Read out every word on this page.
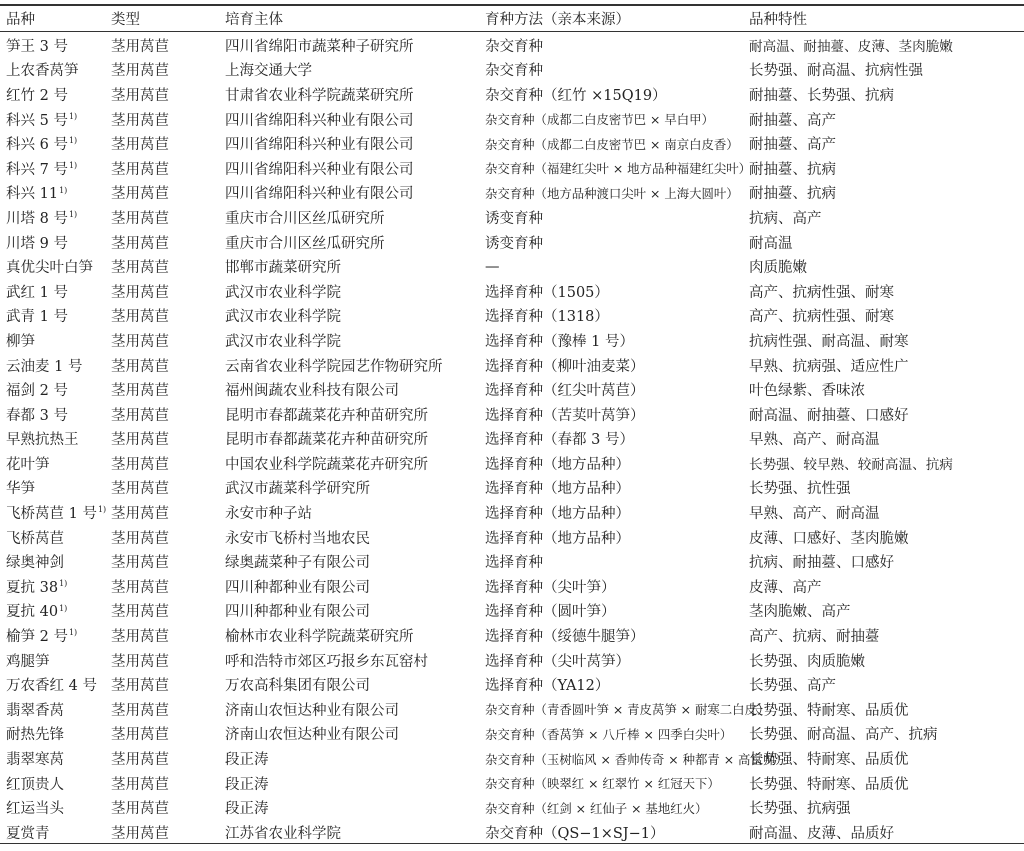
品种	类型	培育主体	育种方法（亲本来源）	品种特性
笋王 3 号	茎用莴苣	四川省绵阳市蔬菜种子研究所	杂交育种	耐高温、耐抽薹、皮薄、茎肉脆嫩
上农香莴笋	茎用莴苣	上海交通大学	杂交育种	长势强、耐高温、抗病性强
红竹 2 号	茎用莴苣	甘肃省农业科学院蔬菜研究所	杂交育种（红竹 ×15Q19）	耐抽薹、长势强、抗病
科兴 5 号$^{1)}$	茎用莴苣	四川省绵阳科兴种业有限公司	杂交育种（成都二白皮密节巴 × 早白甲）	耐抽薹、高产
科兴 6 号$^{1)}$	茎用莴苣	四川省绵阳科兴种业有限公司	杂交育种（成都二白皮密节巴 × 南京白皮香）	耐抽薹、高产
科兴 7 号$^{1)}$	茎用莴苣	四川省绵阳科兴种业有限公司	杂交育种（福建红尖叶 × 地方品种福建红尖叶）	耐抽薹、抗病
科兴 11$^{1)}$	茎用莴苣	四川省绵阳科兴种业有限公司	杂交育种（地方品种渡口尖叶 × 上海大圆叶）	耐抽薹、抗病
川塔 8 号$^{1)}$	茎用莴苣	重庆市合川区丝瓜研究所	诱变育种	抗病、高产
川塔 9 号	茎用莴苣	重庆市合川区丝瓜研究所	诱变育种	耐高温
真优尖叶白笋	茎用莴苣	邯郸市蔬菜研究所	—	肉质脆嫩
武红 1 号	茎用莴苣	武汉市农业科学院	选择育种（1505）	高产、抗病性强、耐寒
武青 1 号	茎用莴苣	武汉市农业科学院	选择育种（1318）	高产、抗病性强、耐寒
柳笋	茎用莴苣	武汉市农业科学院	选择育种（豫棒 1 号）	抗病性强、耐高温、耐寒
云油麦 1 号	茎用莴苣	云南省农业科学院园艺作物研究所	选择育种（柳叶油麦菜）	早熟、抗病强、适应性广
福剑 2 号	茎用莴苣	福州闽蔬农业科技有限公司	选择育种（红尖叶莴苣）	叶色绿紫、香味浓
春都 3 号	茎用莴苣	昆明市春都蔬菜花卉种苗研究所	选择育种（苦荬叶莴笋）	耐高温、耐抽薹、口感好
早熟抗热王	茎用莴苣	昆明市春都蔬菜花卉种苗研究所	选择育种（春都 3 号）	早熟、高产、耐高温
花叶笋	茎用莴苣	中国农业科学院蔬菜花卉研究所	选择育种（地方品种）	长势强、较早熟、较耐高温、抗病
华笋	茎用莴苣	武汉市蔬菜科学研究所	选择育种（地方品种）	长势强、抗性强
飞桥莴苣 1 号$^{1)}$	茎用莴苣	永安市种子站	选择育种（地方品种）	早熟、高产、耐高温
飞桥莴苣	茎用莴苣	永安市飞桥村当地农民	选择育种（地方品种）	皮薄、口感好、茎肉脆嫩
绿奥神剑	茎用莴苣	绿奥蔬菜种子有限公司	选择育种	抗病、耐抽薹、口感好
夏抗 38$^{1)}$	茎用莴苣	四川种都种业有限公司	选择育种（尖叶笋）	皮薄、高产
夏抗 40$^{1)}$	茎用莴苣	四川种都种业有限公司	选择育种（圆叶笋）	茎肉脆嫩、高产
榆笋 2 号$^{1)}$	茎用莴苣	榆林市农业科学院蔬菜研究所	选择育种（绥德牛腿笋）	高产、抗病、耐抽薹
鸡腿笋	茎用莴苣	呼和浩特市郊区巧报乡东瓦窑村	选择育种（尖叶莴笋）	长势强、肉质脆嫩
万农香红 4 号	茎用莴苣	万农高科集团有限公司	选择育种（YA12）	长势强、高产
翡翠香莴	茎用莴苣	济南山农恒达种业有限公司	杂交育种（青香圆叶笋 × 青皮莴笋 × 耐寒二白皮）	长势强、特耐寒、品质优
耐热先锋	茎用莴苣	济南山农恒达种业有限公司	杂交育种（香莴笋 × 八斤棒 × 四季白尖叶）	长势强、耐高温、高产、抗病
翡翠寒莴	茎用莴苣	段正涛	杂交育种（玉树临风 × 香帅传奇 × 种都青 × 高富帅）	长势强、特耐寒、品质优
红顶贵人	茎用莴苣	段正涛	杂交育种（映翠红 × 红翠竹 × 红冠天下）	长势强、特耐寒、品质优
红运当头	茎用莴苣	段正涛	杂交育种（红剑 × 红仙子 × 基地红火）	长势强、抗病强
夏赏青	茎用莴苣	江苏省农业科学院	杂交育种（QS−1×SJ−1）	耐高温、皮薄、品质好
